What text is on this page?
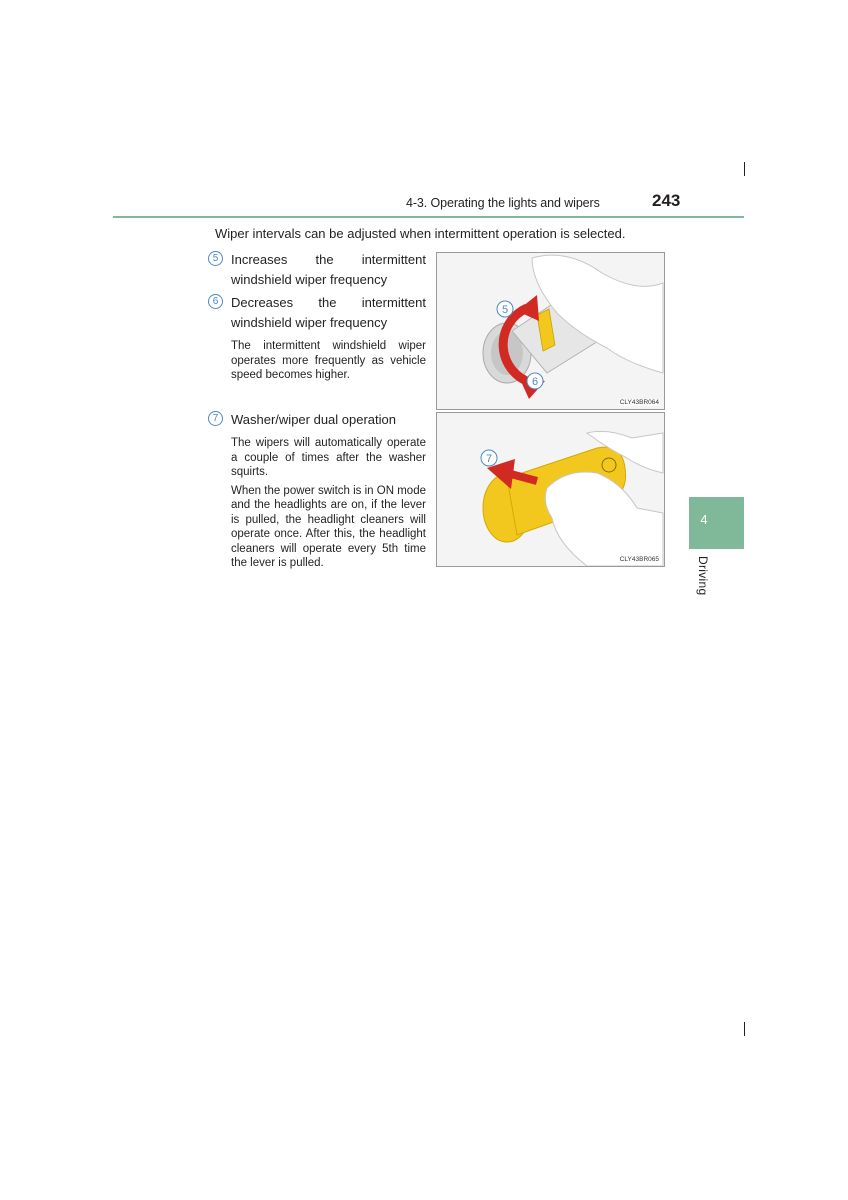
4-3. Operating the lights and wipers	243
Wiper intervals can be adjusted when intermittent operation is selected.
5 Increases the intermittent windshield wiper frequency
6 Decreases the intermittent windshield wiper frequency
The intermittent windshield wiper operates more frequently as vehicle speed becomes higher.
7 Washer/wiper dual operation
The wipers will automatically operate a couple of times after the washer squirts.
When the power switch is in ON mode and the headlights are on, if the lever is pulled, the headlight cleaners will operate once. After this, the headlight cleaners will operate every 5th time the lever is pulled.
5
6
CLY43BR064
7
CLY43BR065
4
Driving
